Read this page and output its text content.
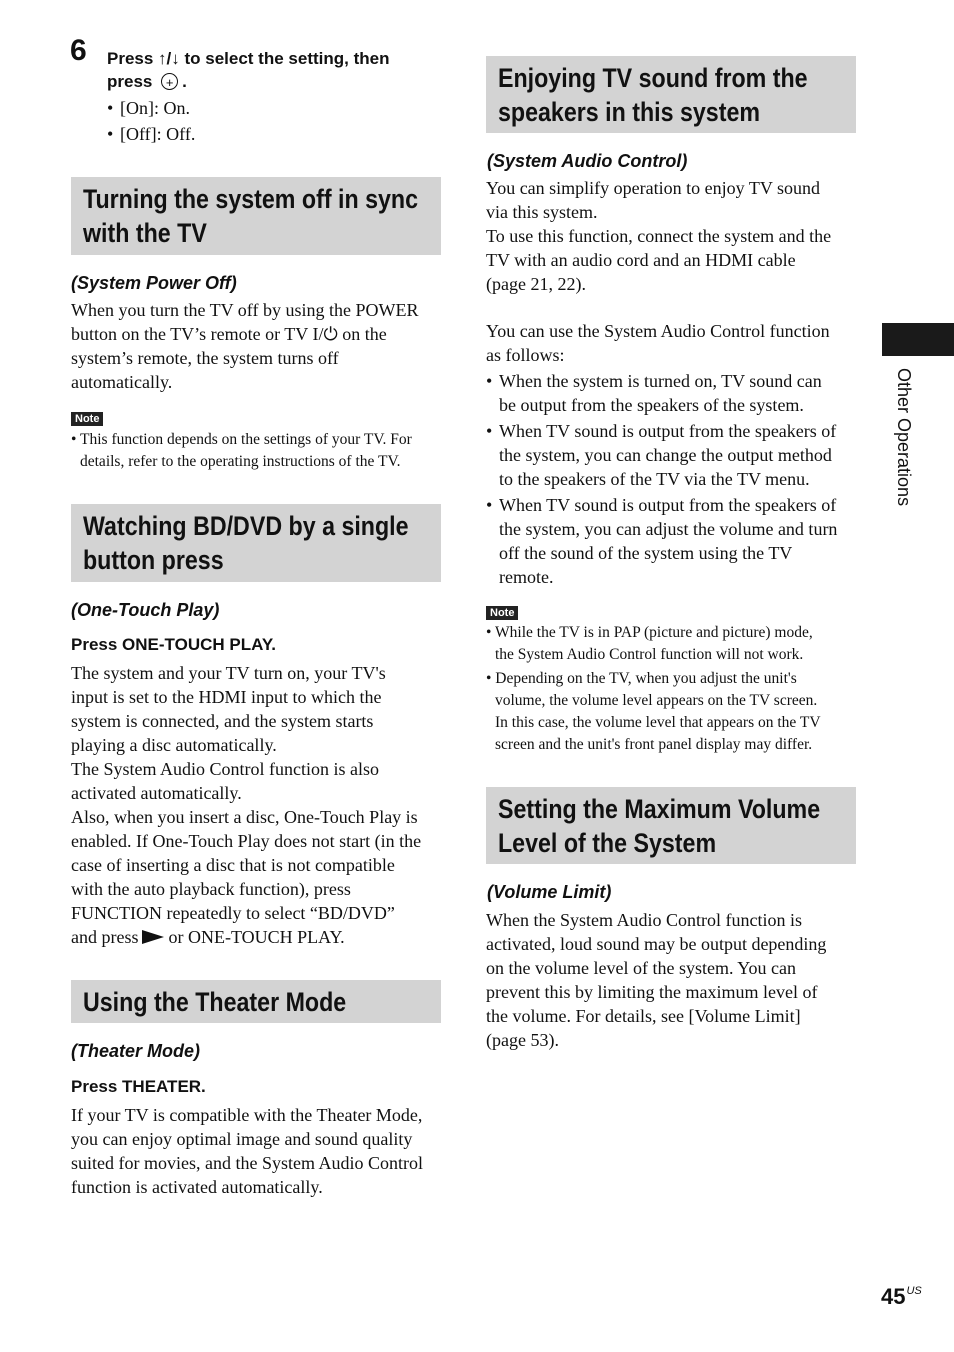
6 Press ↑/↓ to select the setting, then
press + .
• [On]: On.
• [Off]: Off.
Turning the system off in sync
with the TV
(System Power Off)
When you turn the TV off by using the POWER
button on the TV’s remote or TV I/⏻ on the
system’s remote, the system turns off
automatically.
Note
• This function depends on the settings of your TV. For
details, refer to the operating instructions of the TV.
Watching BD/DVD by a single
button press
(One-Touch Play)
Press ONE-TOUCH PLAY.
The system and your TV turn on, your TV's
input is set to the HDMI input to which the
system is connected, and the system starts
playing a disc automatically.
The System Audio Control function is also
activated automatically.
Also, when you insert a disc, One-Touch Play is
enabled. If One-Touch Play does not start (in the
case of inserting a disc that is not compatible
with the auto playback function), press
FUNCTION repeatedly to select “BD/DVD”
and press or ONE-TOUCH PLAY.
Using the Theater Mode
(Theater Mode)
Press THEATER.
If your TV is compatible with the Theater Mode,
you can enjoy optimal image and sound quality
suited for movies, and the System Audio Control
function is activated automatically.
Enjoying TV sound from the
speakers in this system
(System Audio Control)
You can simplify operation to enjoy TV sound
via this system.
To use this function, connect the system and the
TV with an audio cord and an HDMI cable
(page 21, 22).
You can use the System Audio Control function
as follows:
• When the system is turned on, TV sound can
be output from the speakers of the system.
• When TV sound is output from the speakers of
the system, you can change the output method
to the speakers of the TV via the TV menu.
• When TV sound is output from the speakers of
the system, you can adjust the volume and turn
off the sound of the system using the TV
remote.
Note
• While the TV is in PAP (picture and picture) mode,
the System Audio Control function will not work.
• Depending on the TV, when you adjust the unit's
volume, the volume level appears on the TV screen.
In this case, the volume level that appears on the TV
screen and the unit's front panel display may differ.
Setting the Maximum Volume
Level of the System
(Volume Limit)
When the System Audio Control function is
activated, loud sound may be output depending
on the volume level of the system. You can
prevent this by limiting the maximum level of
the volume. For details, see [Volume Limit]
(page 53).
Other Operations
$45^{US}$
